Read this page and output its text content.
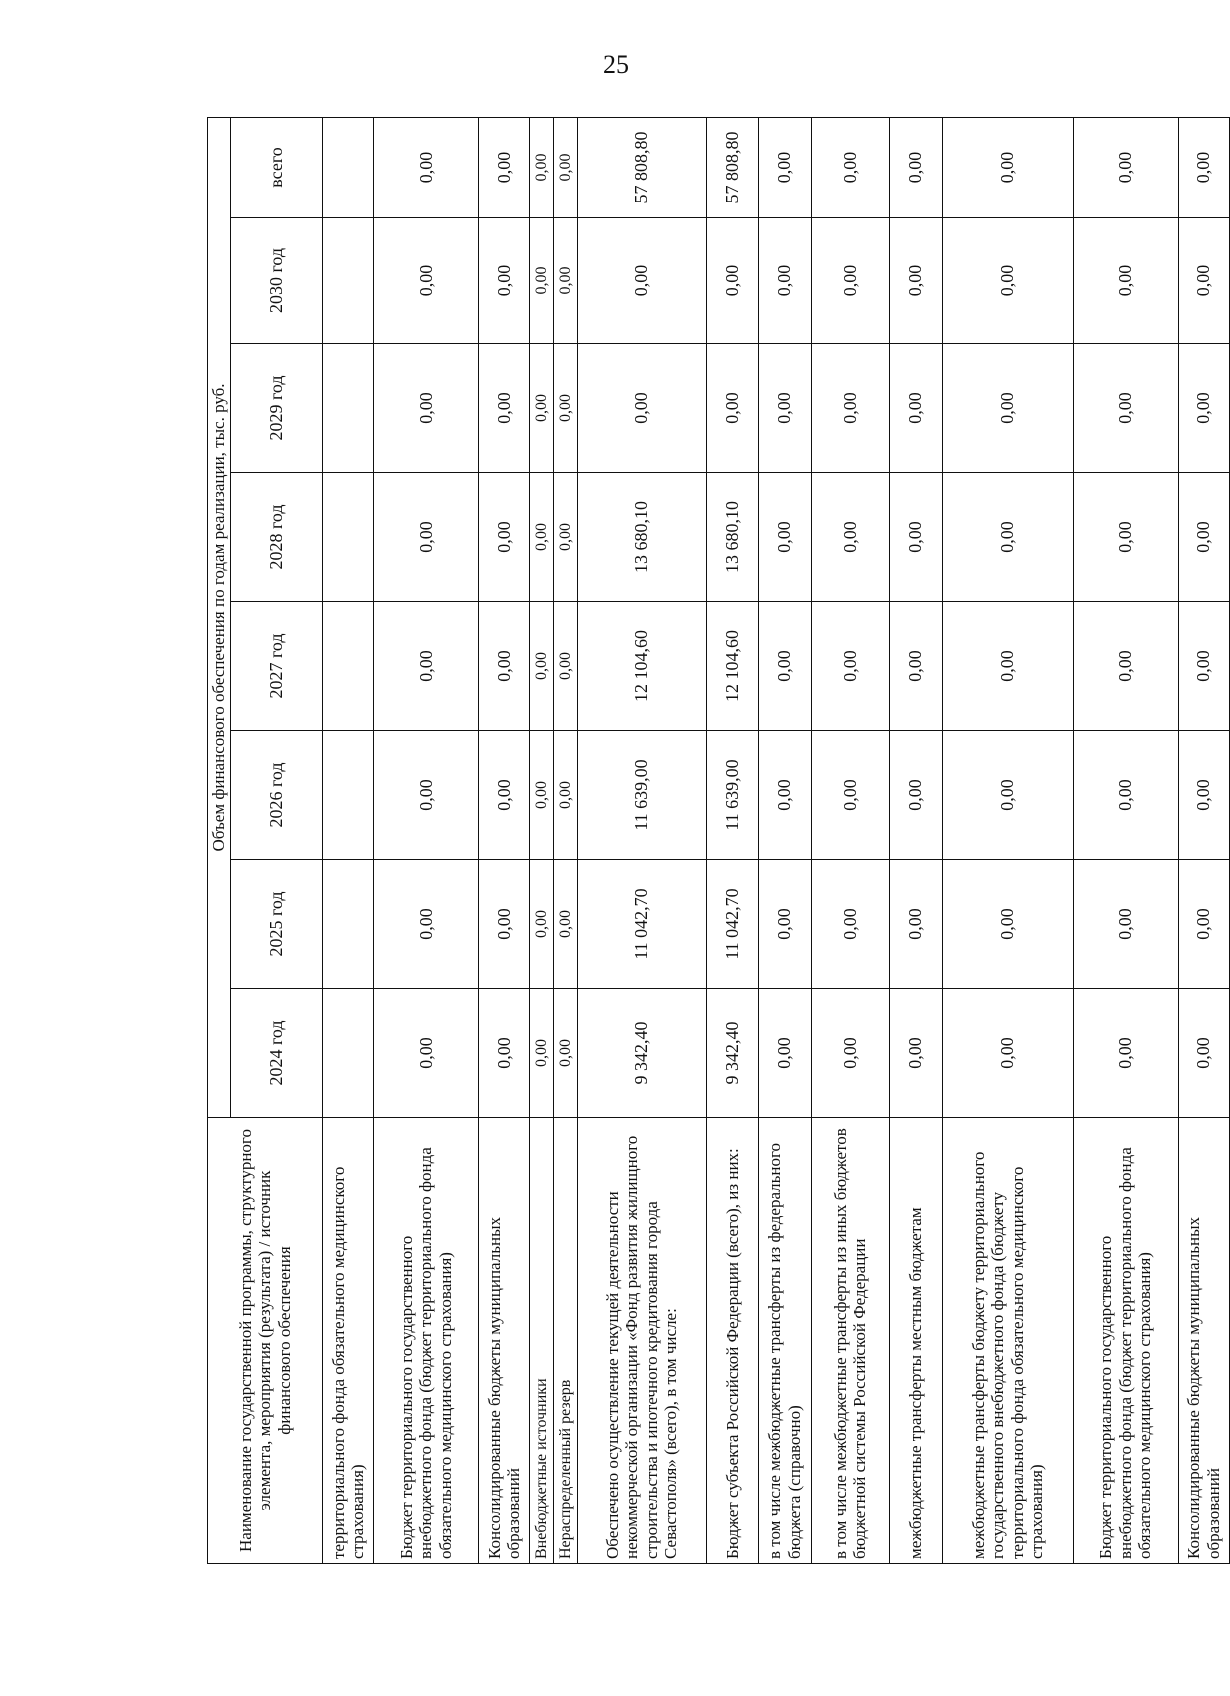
25
Наименование государственной программы, структурного элемента, мероприятия (результата) / источник финансового обеспечения	Объем финансового обеспечения по годам реализации, тыс. руб.							
	2024 год	2025 год	2026 год	2027 год	2028 год	2029 год	2030 год	всего
территориального фонда обязательного медицинского страхования)								
Бюджет территориального государственного внебюджетного фонда (бюджет территориального фонда обязательного медицинского страхования)	0,00	0,00	0,00	0,00	0,00	0,00	0,00	0,00
Консолидированные бюджеты муниципальных образований	0,00	0,00	0,00	0,00	0,00	0,00	0,00	0,00
Внебюджетные источники	0,00	0,00	0,00	0,00	0,00	0,00	0,00	0,00
Нераспределенный резерв	0,00	0,00	0,00	0,00	0,00	0,00	0,00	0,00
Обеспечено осуществление текущей деятельности некоммерческой организации «Фонд развития жилищного строительства и ипотечного кредитования города Севастополя» (всего), в том числе:	9 342,40	11 042,70	11 639,00	12 104,60	13 680,10	0,00	0,00	57 808,80
Бюджет субъекта Российской Федерации (всего), из них:	9 342,40	11 042,70	11 639,00	12 104,60	13 680,10	0,00	0,00	57 808,80
в том числе межбюджетные трансферты из федерального бюджета (справочно)	0,00	0,00	0,00	0,00	0,00	0,00	0,00	0,00
в том числе межбюджетные трансферты из иных бюджетов бюджетной системы Российской Федерации	0,00	0,00	0,00	0,00	0,00	0,00	0,00	0,00
межбюджетные трансферты местным бюджетам	0,00	0,00	0,00	0,00	0,00	0,00	0,00	0,00
межбюджетные трансферты бюджету территориального государственного внебюджетного фонда (бюджету территориального фонда обязательного медицинского страхования)	0,00	0,00	0,00	0,00	0,00	0,00	0,00	0,00
Бюджет территориального государственного внебюджетного фонда (бюджет территориального фонда обязательного медицинского страхования)	0,00	0,00	0,00	0,00	0,00	0,00	0,00	0,00
Консолидированные бюджеты муниципальных образований	0,00	0,00	0,00	0,00	0,00	0,00	0,00	0,00
